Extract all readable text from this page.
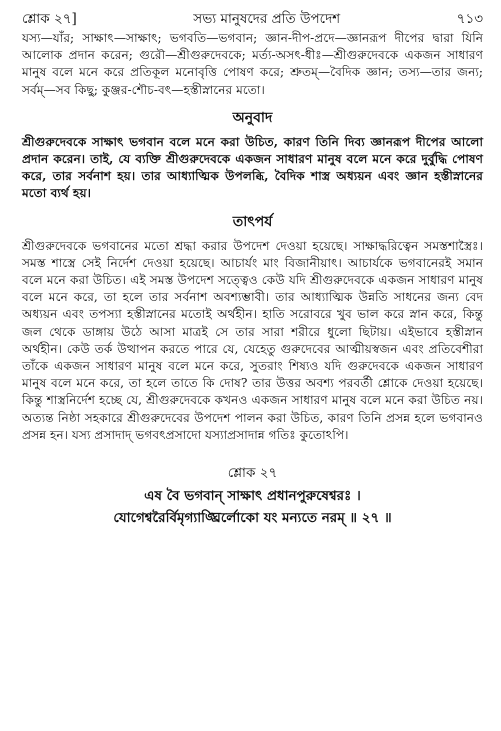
শ্লোক ২৭]	সভ্য মানুষদের প্রতি উপদেশ	৭১৩

যস্য—যাঁর; সাক্ষাৎ—সাক্ষাৎ; ভগবতি—ভগবান; জ্ঞান-দীপ-প্রদে—জ্ঞানরূপ দীপের দ্বারা যিনি আলোক প্রদান করেন; গুরৌ—শ্রীগুরুদেবকে; মর্ত্য-অসৎ-ধীঃ—শ্রীগুরুদেবকে একজন সাধারণ মানুষ বলে মনে করে প্রতিকূল মনোবৃত্তি পোষণ করে; শ্রুতম্—বৈদিক জ্ঞান; তস্য—তার জন্য; সর্বম্—সব কিছু; কুঞ্জর-শৌচ-বৎ—হস্তীস্নানের মতো।

অনুবাদ

শ্রীগুরুদেবকে সাক্ষাৎ ভগবান বলে মনে করা উচিত, কারণ তিনি দিব্য জ্ঞানরূপ দীপের আলো প্রদান করেন। তাই, যে ব্যক্তি শ্রীগুরুদেবকে একজন সাধারণ মানুষ বলে মনে করে দুর্বুদ্ধি পোষণ করে, তার সর্বনাশ হয়। তার আধ্যাত্মিক উপলব্ধি, বৈদিক শাস্ত্র অধ্যয়ন এবং জ্ঞান হস্তীস্নানের মতো ব্যর্থ হয়।

তাৎপর্য

শ্রীগুরুদেবকে ভগবানের মতো শ্রদ্ধা করার উপদেশ দেওয়া হয়েছে। সাক্ষাদ্ধরিত্বেন সমস্তশাস্ত্রৈঃ। সমস্ত শাস্ত্রে সেই নির্দেশ দেওয়া হয়েছে। আচার্যং মাং বিজানীয়াৎ। আচার্যকে ভগবানেরই সমান বলে মনে করা উচিত। এই সমস্ত উপদেশ সত্ত্বেও কেউ যদি শ্রীগুরুদেবকে একজন সাধারণ মানুষ বলে মনে করে, তা হলে তার সর্বনাশ অবশ্যম্ভাবী। তার আধ্যাত্মিক উন্নতি সাধনের জন্য বেদ অধ্যয়ন এবং তপস্যা হস্তীস্নানের মতোই অর্থহীন। হাতি সরোবরে খুব ভাল করে স্নান করে, কিন্তু জল থেকে ডাঙ্গায় উঠে আসা মাত্রই সে তার সারা শরীরে ধুলো ছিটায়। এইভাবে হস্তীস্নান অর্থহীন। কেউ তর্ক উত্থাপন করতে পারে যে, যেহেতু গুরুদেবের আত্মীয়স্বজন এবং প্রতিবেশীরা তাঁকে একজন সাধারণ মানুষ বলে মনে করে, সুতরাং শিষ্যও যদি গুরুদেবকে একজন সাধারণ মানুষ বলে মনে করে, তা হলে তাতে কি দোষ? তার উত্তর অবশ্য পরবর্তী শ্লোকে দেওয়া হয়েছে। কিন্তু শাস্ত্রনির্দেশ হচ্ছে যে, শ্রীগুরুদেবকে কখনও একজন সাধারণ মানুষ বলে মনে করা উচিত নয়। অত্যন্ত নিষ্ঠা সহকারে শ্রীগুরুদেবের উপদেশ পালন করা উচিত, কারণ তিনি প্রসন্ন হলে ভগবানও প্রসন্ন হন। যস্য প্রসাদাদ্ ভগবৎপ্রসাদো যস্যাপ্রসাদান্ন গতিঃ কুতোঽপি।

শ্লোক ২৭
এষ বৈ ভগবান্ সাক্ষাৎ প্রধানপুরুষেশ্বরঃ ।
যোগেশ্বরৈর্বিমৃগ্যাঙ্ঘ্রির্লোকো যং মন্যতে নরম্ ॥ ২৭ ॥
